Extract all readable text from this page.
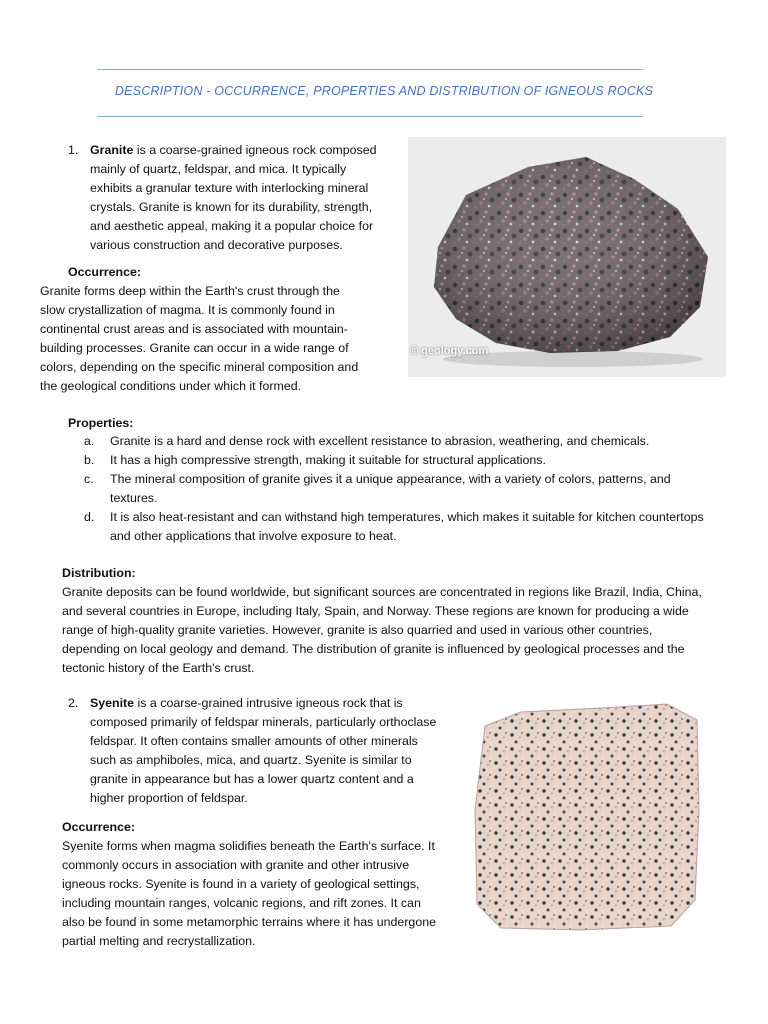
DESCRIPTION - OCCURRENCE, PROPERTIES AND DISTRIBUTION OF IGNEOUS ROCKS
1. Granite is a coarse-grained igneous rock composed
mainly of quartz, feldspar, and mica. It typically
exhibits a granular texture with interlocking mineral
crystals. Granite is known for its durability, strength,
and aesthetic appeal, making it a popular choice for
various construction and decorative purposes.
Occurrence:
Granite forms deep within the Earth's crust through the
slow crystallization of magma. It is commonly found in
continental crust areas and is associated with mountain-
building processes. Granite can occur in a wide range of
colors, depending on the specific mineral composition and
the geological conditions under which it formed.
© geology.com
Properties:
a. Granite is a hard and dense rock with excellent resistance to abrasion, weathering, and chemicals.
b. It has a high compressive strength, making it suitable for structural applications.
c. The mineral composition of granite gives it a unique appearance, with a variety of colors, patterns, and
textures.
d. It is also heat-resistant and can withstand high temperatures, which makes it suitable for kitchen countertops
and other applications that involve exposure to heat.
Distribution:
Granite deposits can be found worldwide, but significant sources are concentrated in regions like Brazil, India, China,
and several countries in Europe, including Italy, Spain, and Norway. These regions are known for producing a wide
range of high-quality granite varieties. However, granite is also quarried and used in various other countries,
depending on local geology and demand. The distribution of granite is influenced by geological processes and the
tectonic history of the Earth's crust.
2. Syenite is a coarse-grained intrusive igneous rock that is
composed primarily of feldspar minerals, particularly orthoclase
feldspar. It often contains smaller amounts of other minerals
such as amphiboles, mica, and quartz. Syenite is similar to
granite in appearance but has a lower quartz content and a
higher proportion of feldspar.
Occurrence:
Syenite forms when magma solidifies beneath the Earth's surface. It
commonly occurs in association with granite and other intrusive
igneous rocks. Syenite is found in a variety of geological settings,
including mountain ranges, volcanic regions, and rift zones. It can
also be found in some metamorphic terrains where it has undergone
partial melting and recrystallization.
